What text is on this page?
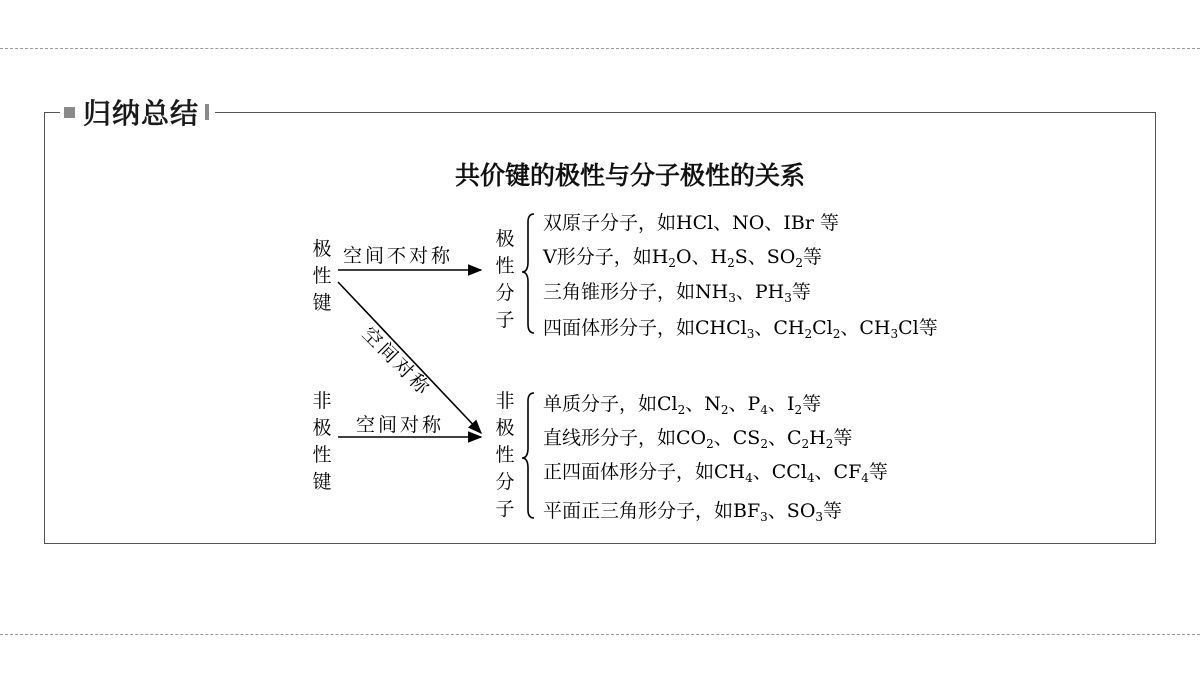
归纳总结
共价键的极性与分子极性的关系
极
性
键
非
极
性
键
空间不对称
空间对称
空间对称
极
性
分
子
非
极
性
分
子
双原子分子，如HCl、NO、IBr 等
V形分子，如$H_2O$、$H_2S$、$SO_2$等
三角锥形分子，如$NH_3$、$PH_3$等
四面体形分子，如CHCl$_3$、$CH_2Cl_2$、$CH_3Cl$等
单质分子，如$Cl_2$、$N_2$、$P_4$、$I_2$等
直线形分子，如$CO_2$、$CS_2$、$C_2H_2$等
正四面体形分子，如$CH_4$、CCl$_4$、$CF_4$等
平面正三角形分子，如$BF_3$、$SO_3$等
